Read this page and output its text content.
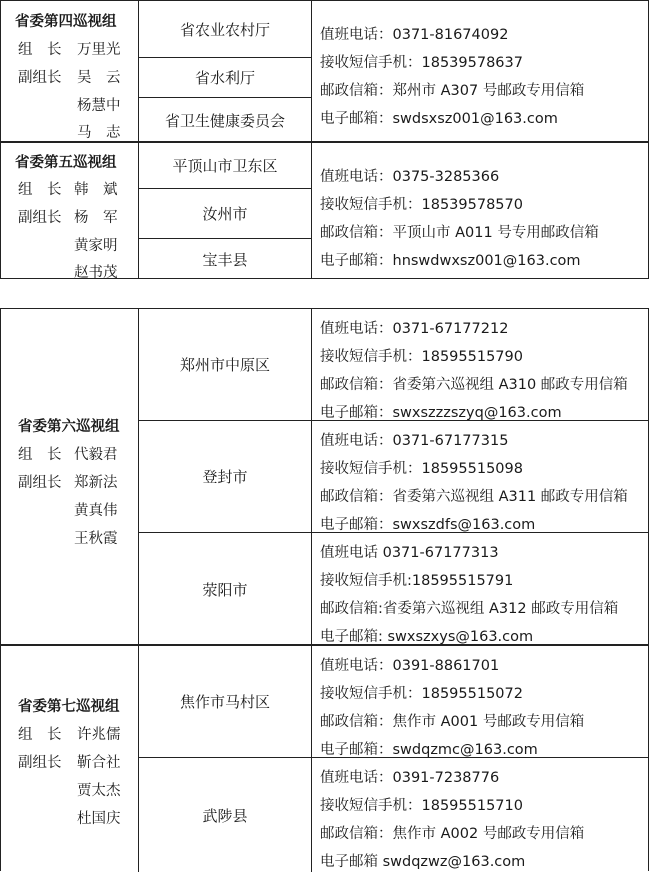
省委第四巡视组
组　长 万里光
副组长 吴　云
杨慧中
马　志
省农业农村厅
省水利厅
省卫生健康委员会
值班电话：0371-81674092
接收短信手机：18539578637
邮政信箱：郑州市 A307 号邮政专用信箱
电子邮箱：swdsxsz001@163.com
省委第五巡视组
组　长 韩　斌
副组长 杨　军
黄家明
赵书茂
平顶山市卫东区
汝州市
宝丰县
值班电话：0375-3285366
接收短信手机：18539578570
邮政信箱：平顶山市 A011 号专用邮政信箱
电子邮箱：hnswdwxsz001@163.com
省委第六巡视组
组　长 代毅君
副组长 郑新法
黄真伟
王秋霞
郑州市中原区
登封市
荥阳市
值班电话：0371-67177212
接收短信手机：18595515790
邮政信箱：省委第六巡视组 A310 邮政专用信箱
电子邮箱：swxszzzszyq@163.com
值班电话：0371-67177315
接收短信手机：18595515098
邮政信箱：省委第六巡视组 A311 邮政专用信箱
电子邮箱：swxszdfs@163.com
值班电话 0371-67177313
接收短信手机:18595515791
邮政信箱:省委第六巡视组 A312 邮政专用信箱
电子邮箱: swxszxys@163.com
省委第七巡视组
组　长 许兆儒
副组长 靳合社
贾太杰
杜国庆
焦作市马村区
武陟县
值班电话：0391-8861701
接收短信手机：18595515072
邮政信箱：焦作市 A001 号邮政专用信箱
电子邮箱：swdqzmc@163.com
值班电话：0391-7238776
接收短信手机：18595515710
邮政信箱：焦作市 A002 号邮政专用信箱
电子邮箱 swdqzwz@163.com
